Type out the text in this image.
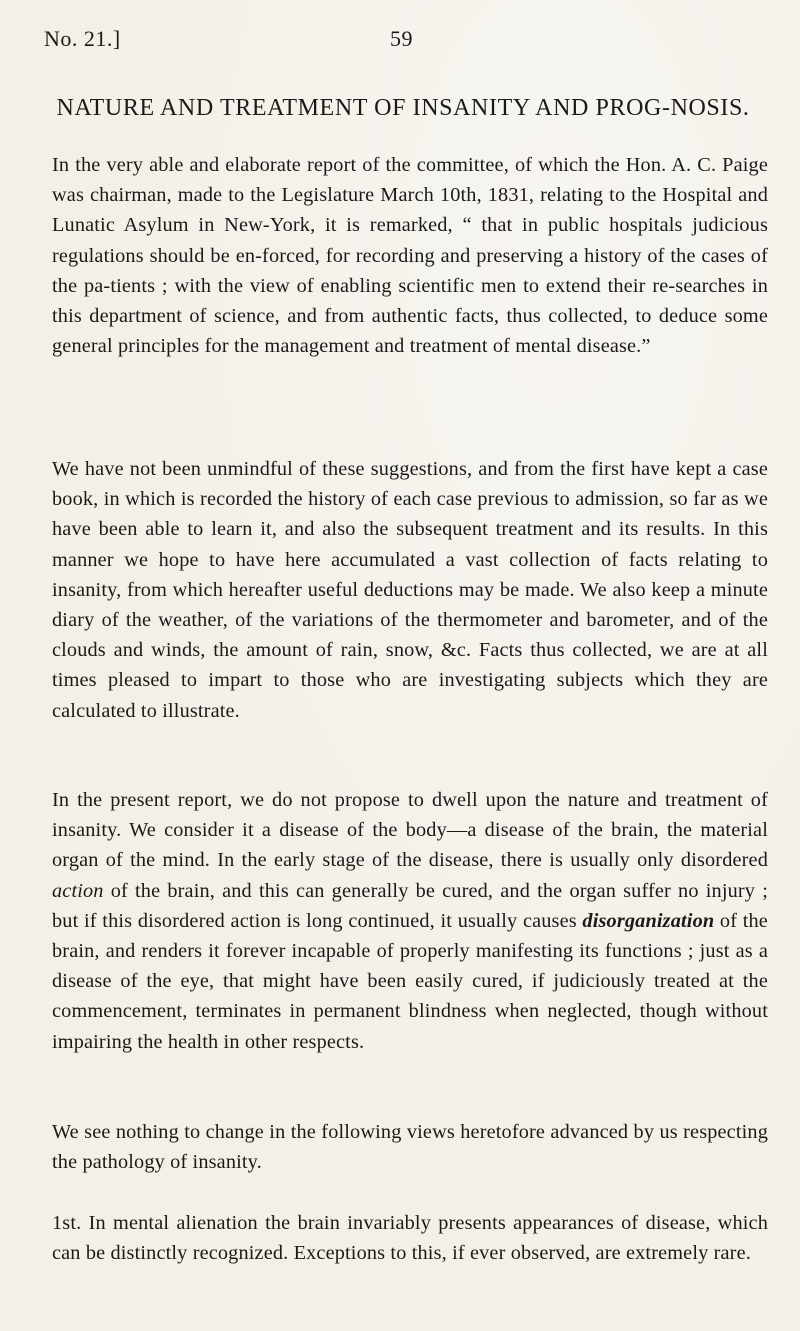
No. 21.]	59
NATURE AND TREATMENT OF INSANITY AND PROG-NOSIS.

In the very able and elaborate report of the committee, of which the Hon. A. C. Paige was chairman, made to the Legislature March 10th, 1831, relating to the Hospital and Lunatic Asylum in New-York, it is remarked, “ that in public hospitals judicious regulations should be en-forced, for recording and preserving a history of the cases of the pa-tients ; with the view of enabling scientific men to extend their re-searches in this department of science, and from authentic facts, thus collected, to deduce some general principles for the management and treatment of mental disease.”

We have not been unmindful of these suggestions, and from the first have kept a case book, in which is recorded the history of each case previous to admission, so far as we have been able to learn it, and also the subsequent treatment and its results. In this manner we hope to have here accumulated a vast collection of facts relating to insanity, from which hereafter useful deductions may be made. We also keep a minute diary of the weather, of the variations of the thermometer and barometer, and of the clouds and winds, the amount of rain, snow, &c. Facts thus collected, we are at all times pleased to impart to those who are investigating subjects which they are calculated to illustrate.

In the present report, we do not propose to dwell upon the nature and treatment of insanity. We consider it a disease of the body—a disease of the brain, the material organ of the mind. In the early stage of the disease, there is usually only disordered action of the brain, and this can generally be cured, and the organ suffer no injury ; but if this disordered action is long continued, it usually causes disorganization of the brain, and renders it forever incapable of properly manifesting its functions ; just as a disease of the eye, that might have been easily cured, if judiciously treated at the commencement, terminates in permanent blindness when neglected, though without impairing the health in other respects.

We see nothing to change in the following views heretofore advanced by us respecting the pathology of insanity.

1st. In mental alienation the brain invariably presents appearances of disease, which can be distinctly recognized. Exceptions to this, if ever observed, are extremely rare.
